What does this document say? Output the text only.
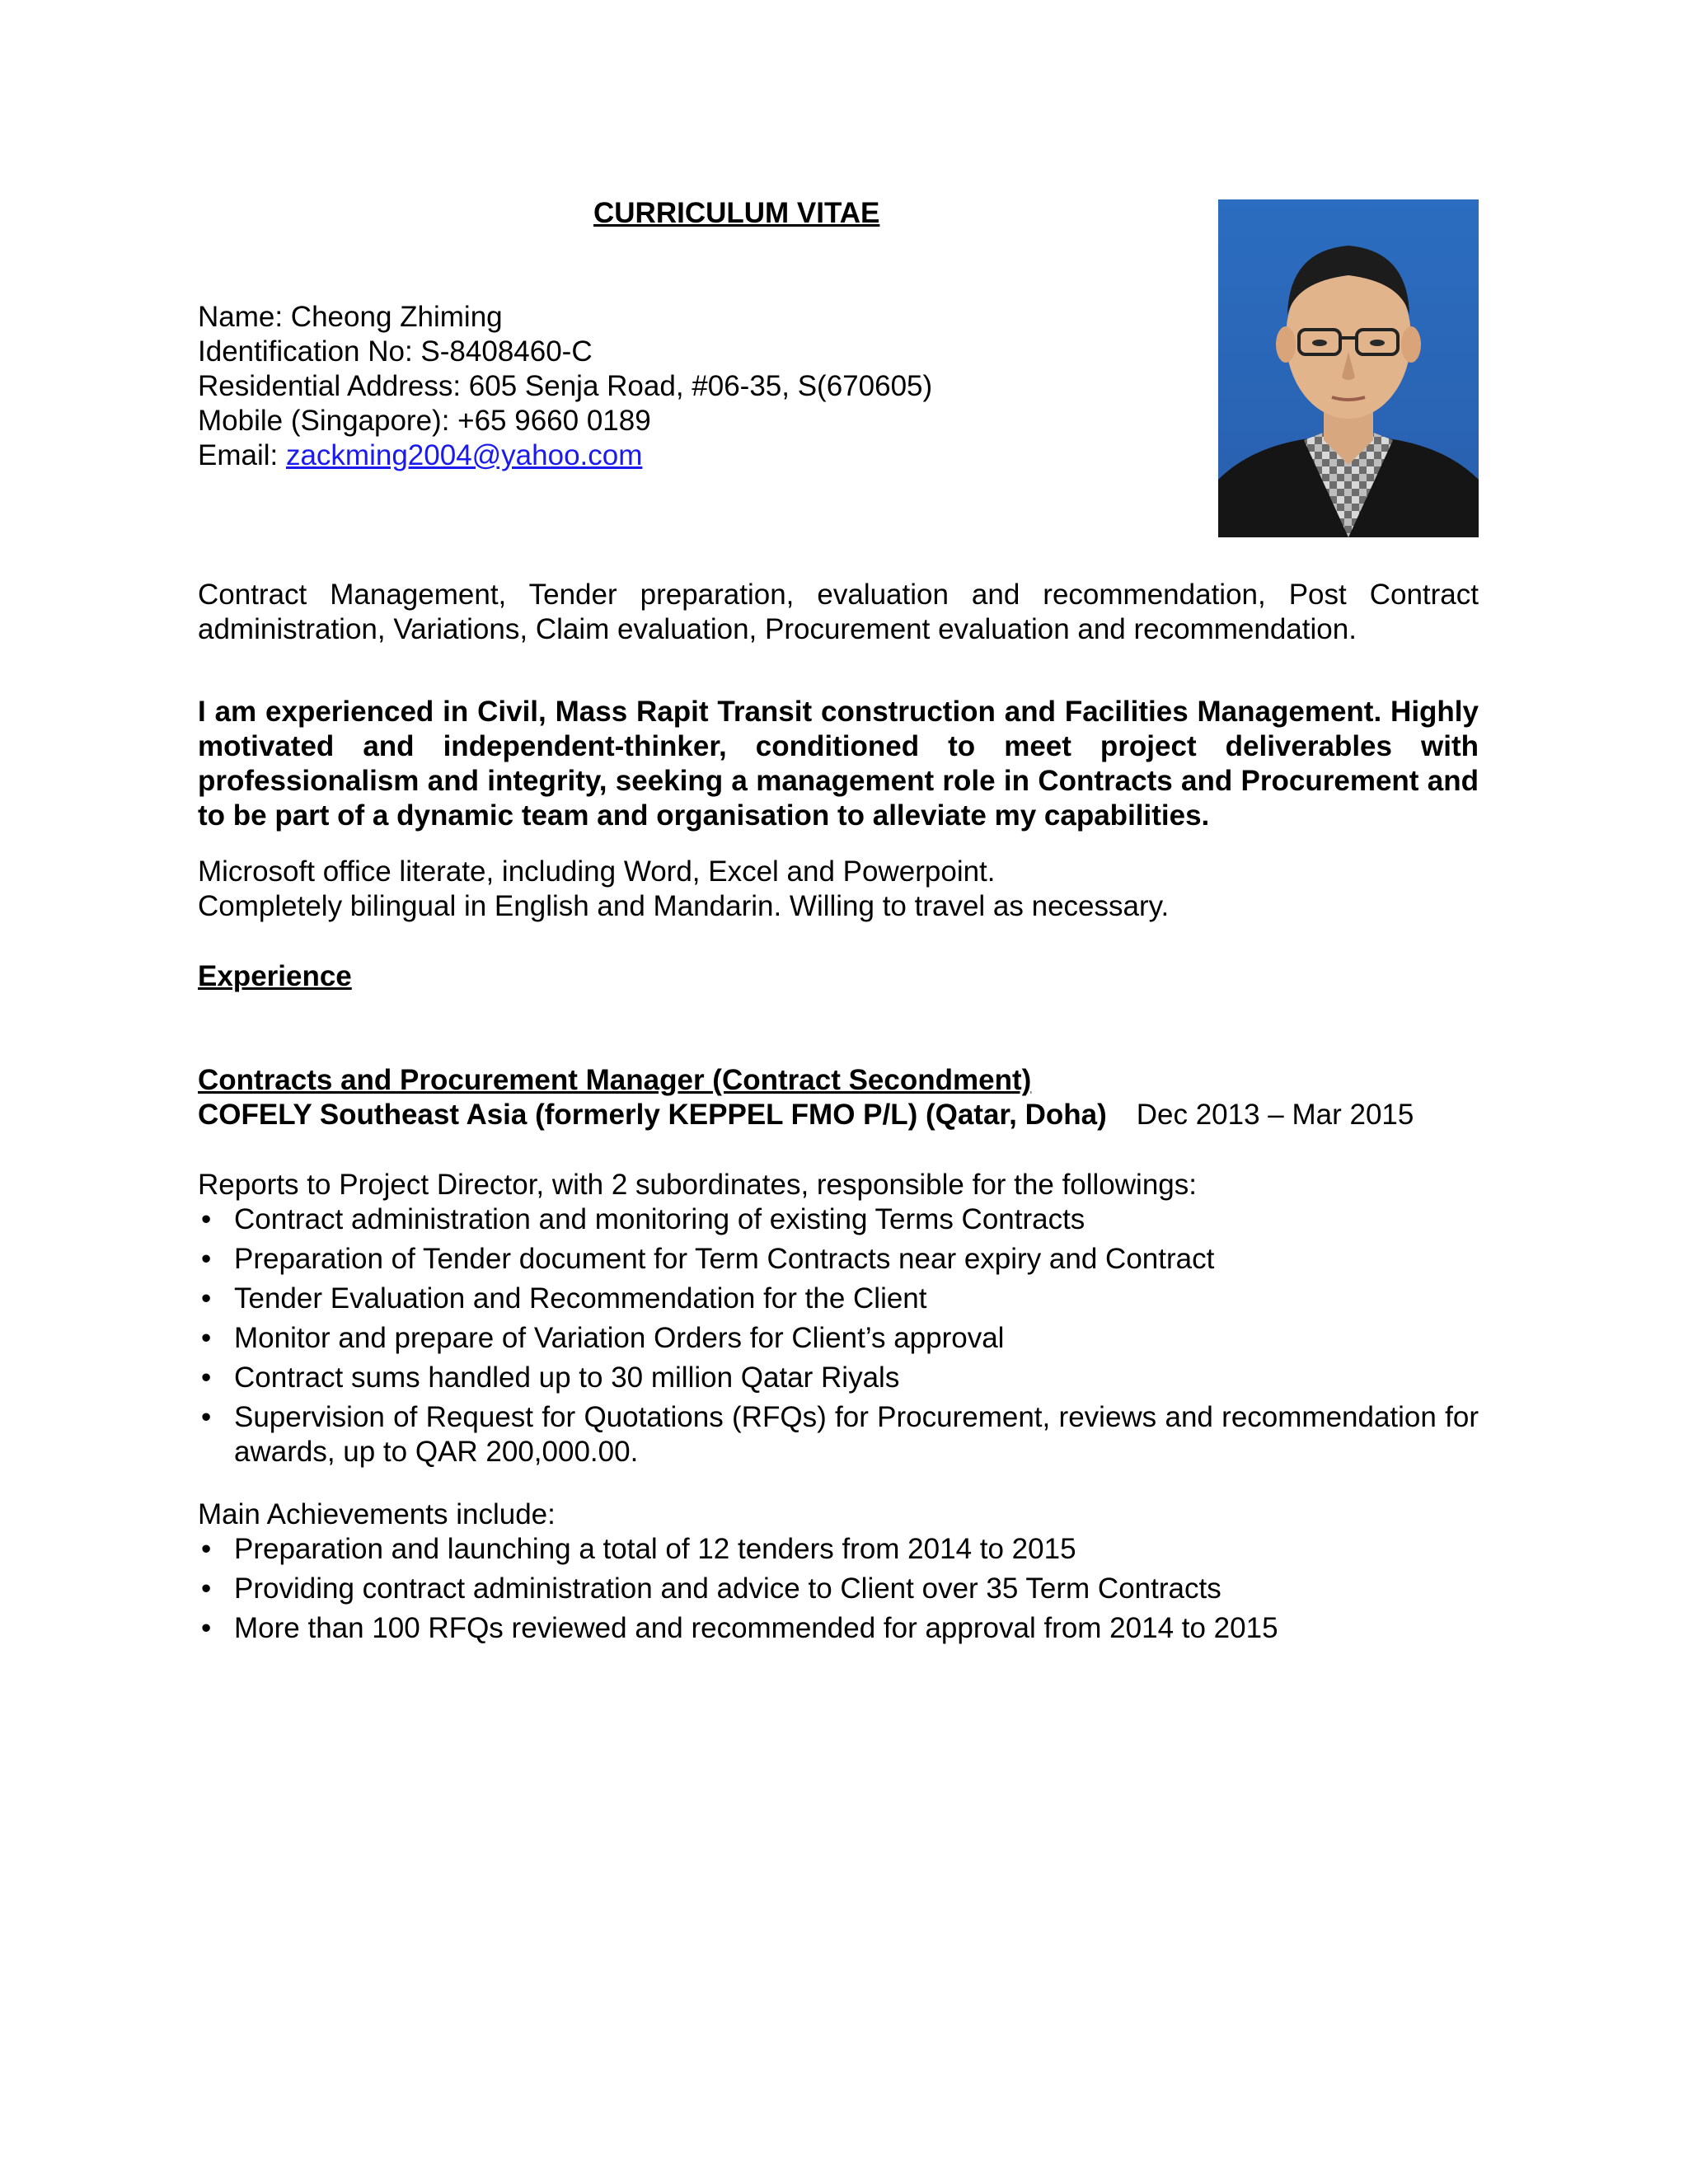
CURRICULUM VITAE
Name: Cheong Zhiming
Identification No: S-8408460-C
Residential Address: 605 Senja Road, #06-35, S(670605)
Mobile (Singapore): +65 9660 0189
Email: zackming2004@yahoo.com
Contract Management, Tender preparation, evaluation and recommendation, Post Contract administration, Variations, Claim evaluation, Procurement evaluation and recommendation.
I am experienced in Civil, Mass Rapit Transit construction and Facilities Management. Highly motivated and independent-thinker, conditioned to meet project deliverables with professionalism and integrity, seeking a management role in Contracts and Procurement and to be part of a dynamic team and organisation to alleviate my capabilities.
Microsoft office literate, including Word, Excel and Powerpoint.
Completely bilingual in English and Mandarin. Willing to travel as necessary.
Experience
Contracts and Procurement Manager (Contract Secondment)
COFELY Southeast Asia (formerly KEPPEL FMO P/L) (Qatar, Doha) Dec 2013 – Mar 2015
Reports to Project Director, with 2 subordinates, responsible for the followings:
• Contract administration and monitoring of existing Terms Contracts
• Preparation of Tender document for Term Contracts near expiry and Contract
• Tender Evaluation and Recommendation for the Client
• Monitor and prepare of Variation Orders for Client’s approval
• Contract sums handled up to 30 million Qatar Riyals
• Supervision of Request for Quotations (RFQs) for Procurement, reviews and recommendation for awards, up to QAR 200,000.00.
Main Achievements include:
• Preparation and launching a total of 12 tenders from 2014 to 2015
• Providing contract administration and advice to Client over 35 Term Contracts
• More than 100 RFQs reviewed and recommended for approval from 2014 to 2015
